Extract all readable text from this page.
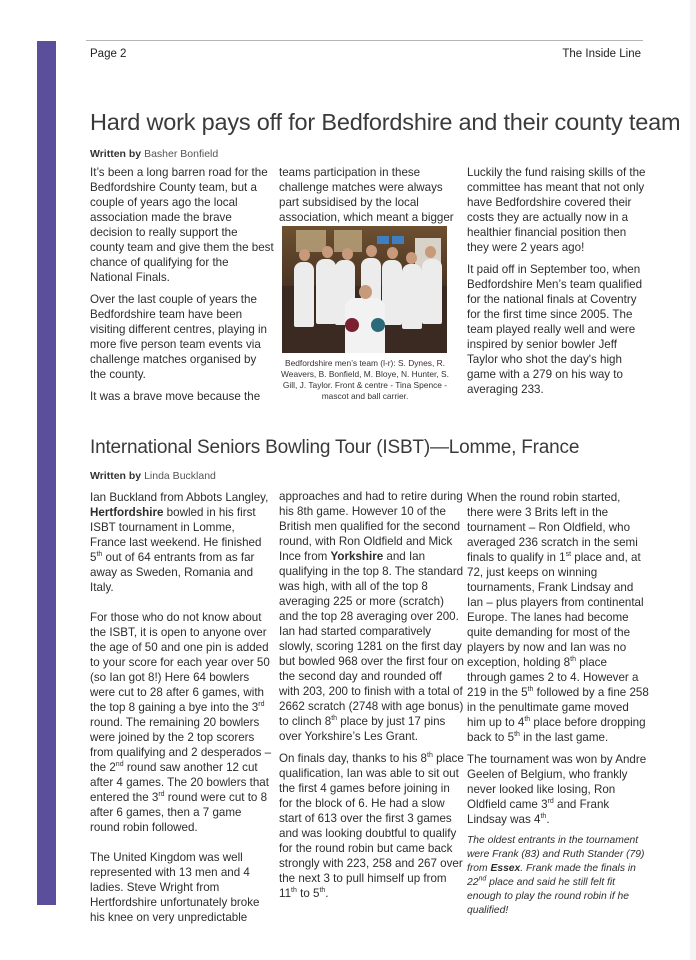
Page 2	The Inside Line
Hard work pays off for Bedfordshire and their county team
Written by Basher Bonfield

It’s been a long barren road for the Bedfordshire County team, but a couple of years ago the local association made the brave decision to really support the county team and give them the best chance of qualifying for the National Finals.

Over the last couple of years the Bedfordshire team have been visiting different centres, playing in more five person team events via challenge matches organised by the county.

It was a brave move because the

teams participation in these challenge matches were always part subsidised by the local association, which meant a bigger

Bedfordshire men’s team (l-r): S. Dynes, R. Weavers, B. Bonfield, M. Bloye, N. Hunter, S. Gill, J. Taylor. Front & centre - Tina Spence - mascot and ball carrier.

Luckily the fund raising skills of the committee has meant that not only have Bedfordshire covered their costs they are actually now in a healthier financial position then they were 2 years ago!

It paid off in September too, when Bedfordshire Men’s team qualified for the national finals at Coventry for the first time since 2005. The team played really well and were inspired by senior bowler Jeff Taylor who shot the day's high game with a 279 on his way to averaging 233.

International Seniors Bowling Tour (ISBT)—Lomme, France
Written by Linda Buckland

Ian Buckland from Abbots Langley, Hertfordshire bowled in his first ISBT tournament in Lomme, France last weekend. He finished 5th out of 64 entrants from as far away as Sweden, Romania and Italy.

For those who do not know about the ISBT, it is open to anyone over the age of 50 and one pin is added to your score for each year over 50 (so Ian got 8!) Here 64 bowlers were cut to 28 after 6 games, with the top 8 gaining a bye into the 3rd round. The remaining 20 bowlers were joined by the 2 top scorers from qualifying and 2 desperados – the 2nd round saw another 12 cut after 4 games. The 20 bowlers that entered the 3rd round were cut to 8 after 6 games, then a 7 game round robin followed.

The United Kingdom was well represented with 13 men and 4 ladies. Steve Wright from Hertfordshire unfortunately broke his knee on very unpredictable

approaches and had to retire during his 8th game. However 10 of the British men qualified for the second round, with Ron Oldfield and Mick Ince from Yorkshire and Ian qualifying in the top 8. The standard was high, with all of the top 8 averaging 225 or more (scratch) and the top 28 averaging over 200. Ian had started comparatively slowly, scoring 1281 on the first day but bowled 968 over the first four on the second day and rounded off with 203, 200 to finish with a total of 2662 scratch (2748 with age bonus) to clinch 8th place by just 17 pins over Yorkshire’s Les Grant.

On finals day, thanks to his 8th place qualification, Ian was able to sit out the first 4 games before joining in for the block of 6. He had a slow start of 613 over the first 3 games and was looking doubtful to qualify for the round robin but came back strongly with 223, 258 and 267 over the next 3 to pull himself up from 11th to 5th.

When the round robin started, there were 3 Brits left in the tournament – Ron Oldfield, who averaged 236 scratch in the semi finals to qualify in 1st place and, at 72, just keeps on winning tournaments, Frank Lindsay and Ian – plus players from continental Europe. The lanes had become quite demanding for most of the players by now and Ian was no exception, holding 8th place through games 2 to 4. However a 219 in the 5th followed by a fine 258 in the penultimate game moved him up to 4th place before dropping back to 5th in the last game.

The tournament was won by Andre Geelen of Belgium, who frankly never looked like losing, Ron Oldfield came 3rd and Frank Lindsay was 4th.

The oldest entrants in the tournament were Frank (83) and Ruth Stander (79) from Essex. Frank made the finals in 22nd place and said he still felt fit enough to play the round robin if he qualified!
